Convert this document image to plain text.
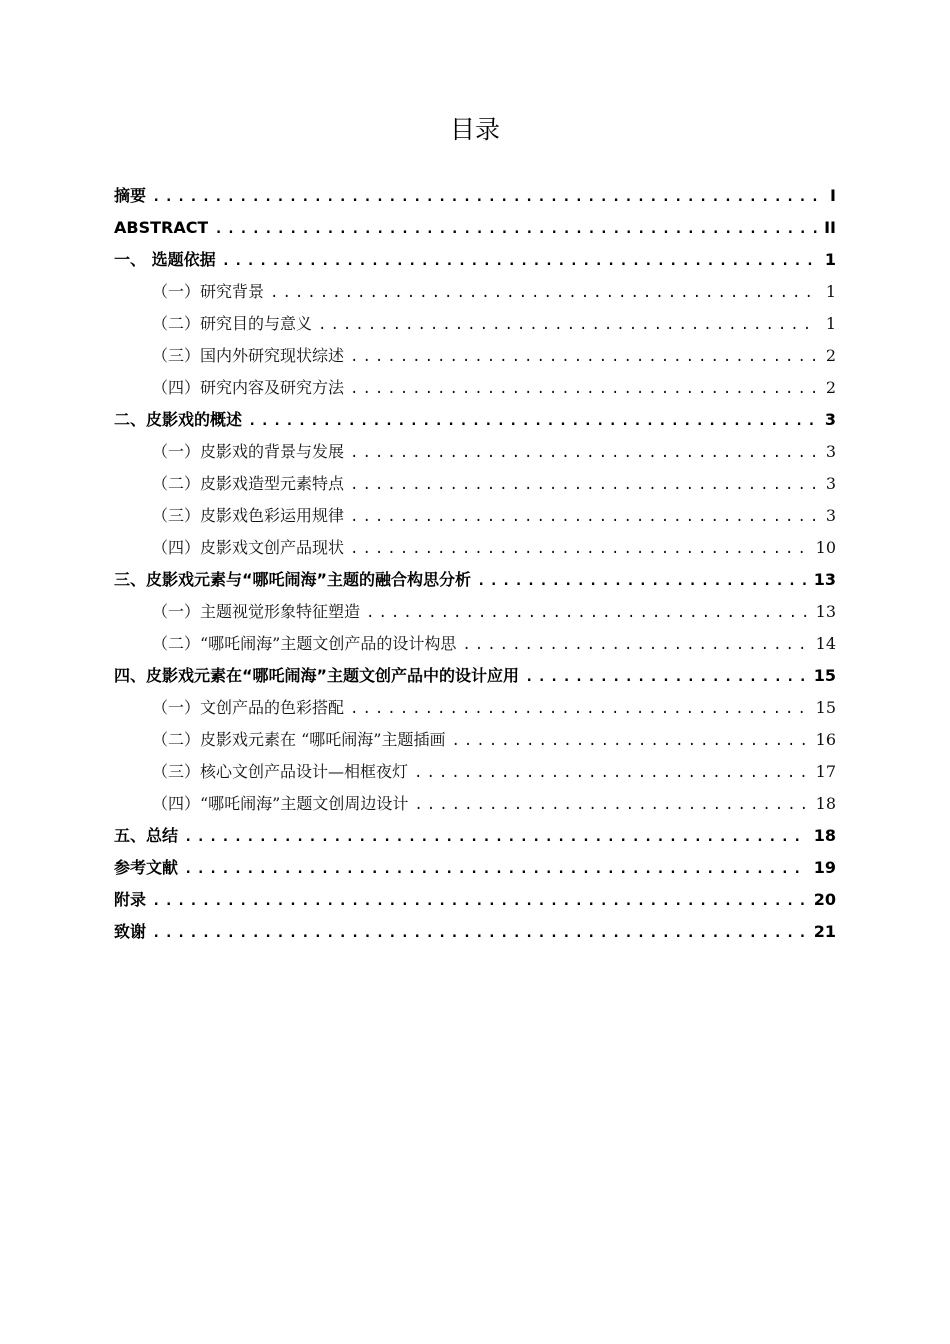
目录
摘要 .....	I
ABSTRACT .....	II
一、 选题依据 .....	1
（一）研究背景 .....	1
（二）研究目的与意义 .....	1
（三）国内外研究现状综述 .....	2
（四）研究内容及研究方法 .....	2
二、皮影戏的概述 .....	3
（一）皮影戏的背景与发展 .....	3
（二）皮影戏造型元素特点 .....	3
（三）皮影戏色彩运用规律 .....	3
（四）皮影戏文创产品现状 .....	10
三、皮影戏元素与“哪吒闹海”主题的融合构思分析 .....	13
（一）主题视觉形象特征塑造 .....	13
（二）“哪吒闹海”主题文创产品的设计构思 .....	14
四、皮影戏元素在“哪吒闹海”主题文创产品中的设计应用 .....	15
（一）文创产品的色彩搭配 .....	15
（二）皮影戏元素在 “哪吒闹海”主题插画 .....	16
（三）核心文创产品设计—相框夜灯 .....	17
（四）“哪吒闹海”主题文创周边设计 .....	18
五、总结 .....	18
参考文献 .....	19
附录 .....	20
致谢 .....	21
